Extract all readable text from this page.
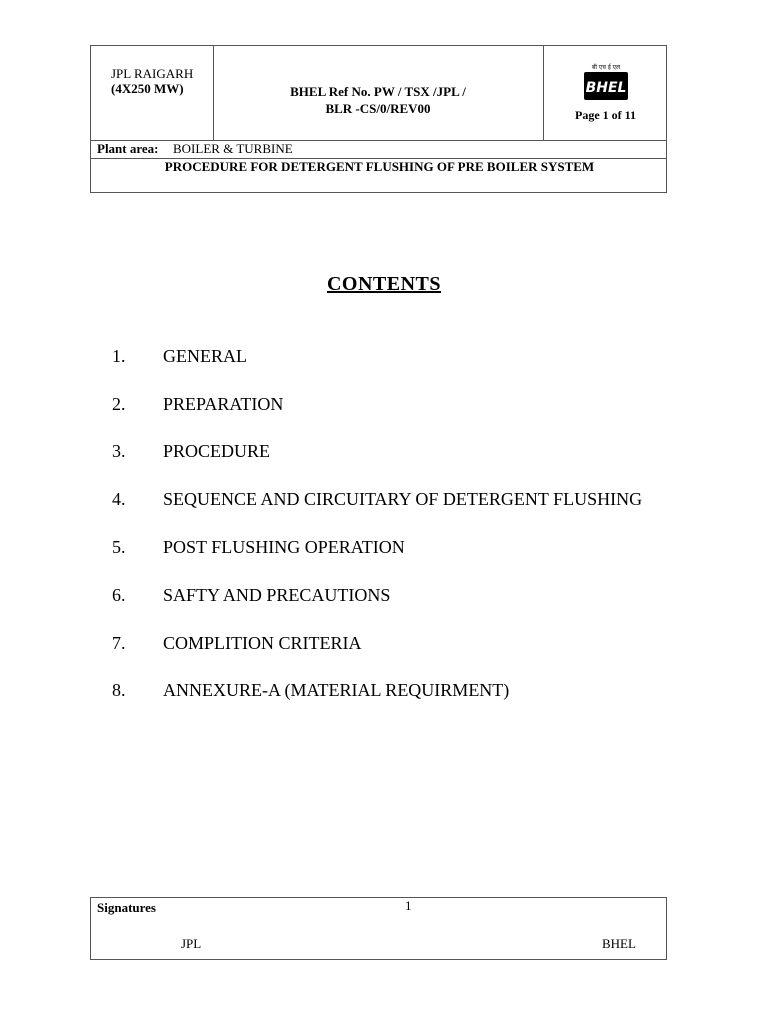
JPL RAIGARH
(4X250 MW)	BHEL Ref No. PW / TSX /JPL /
BLR -CS/0/REV00
बी एच ई एल
BHEL
Page 1 of 11
Plant area: BOILER & TURBINE
PROCEDURE FOR DETERGENT FLUSHING OF PRE BOILER SYSTEM
CONTENTS
1.	GENERAL
2.	PREPARATION
3.	PROCEDURE
4.	SEQUENCE AND CIRCUITARY OF DETERGENT FLUSHING
5.	POST FLUSHING OPERATION
6.	SAFTY AND PRECAUTIONS
7.	COMPLITION CRITERIA
8.	ANNEXURE-A (MATERIAL REQUIRMENT)
Signatures	1
JPL	BHEL
